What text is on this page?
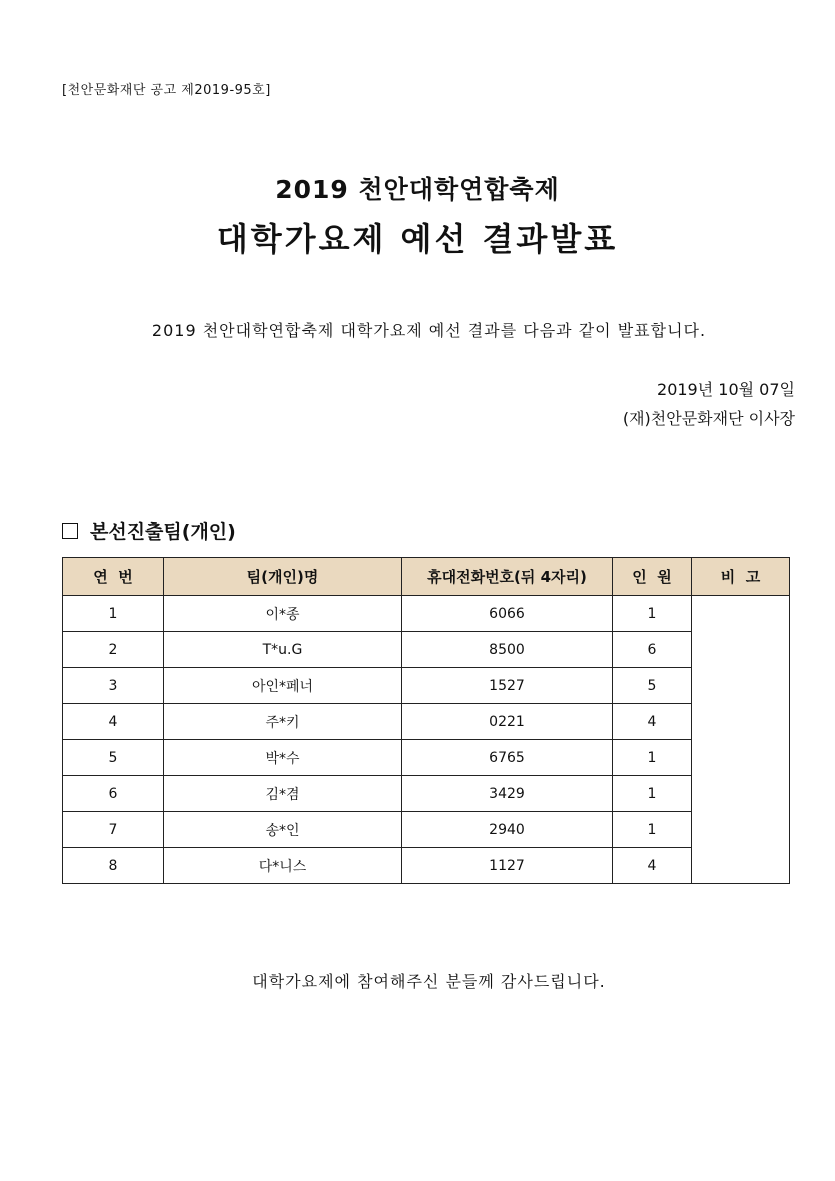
[천안문화재단 공고 제2019-95호]
2019 천안대학연합축제
대학가요제 예선 결과발표
2019 천안대학연합축제 대학가요제 예선 결과를 다음과 같이 발표합니다.
2019년 10월 07일
(재)천안문화재단 이사장
본선진출팀(개인)
연  번	팀(개인)명	휴대전화번호(뒤 4자리)	인  원	비  고
1	이*종	6066	1	
2	T*u.G	8500	6	
3	아인*페너	1527	5	
4	주*키	0221	4	
5	박*수	6765	1	
6	김*겸	3429	1	
7	송*인	2940	1	
8	다*니스	1127	4	
대학가요제에 참여해주신 분들께 감사드립니다.
